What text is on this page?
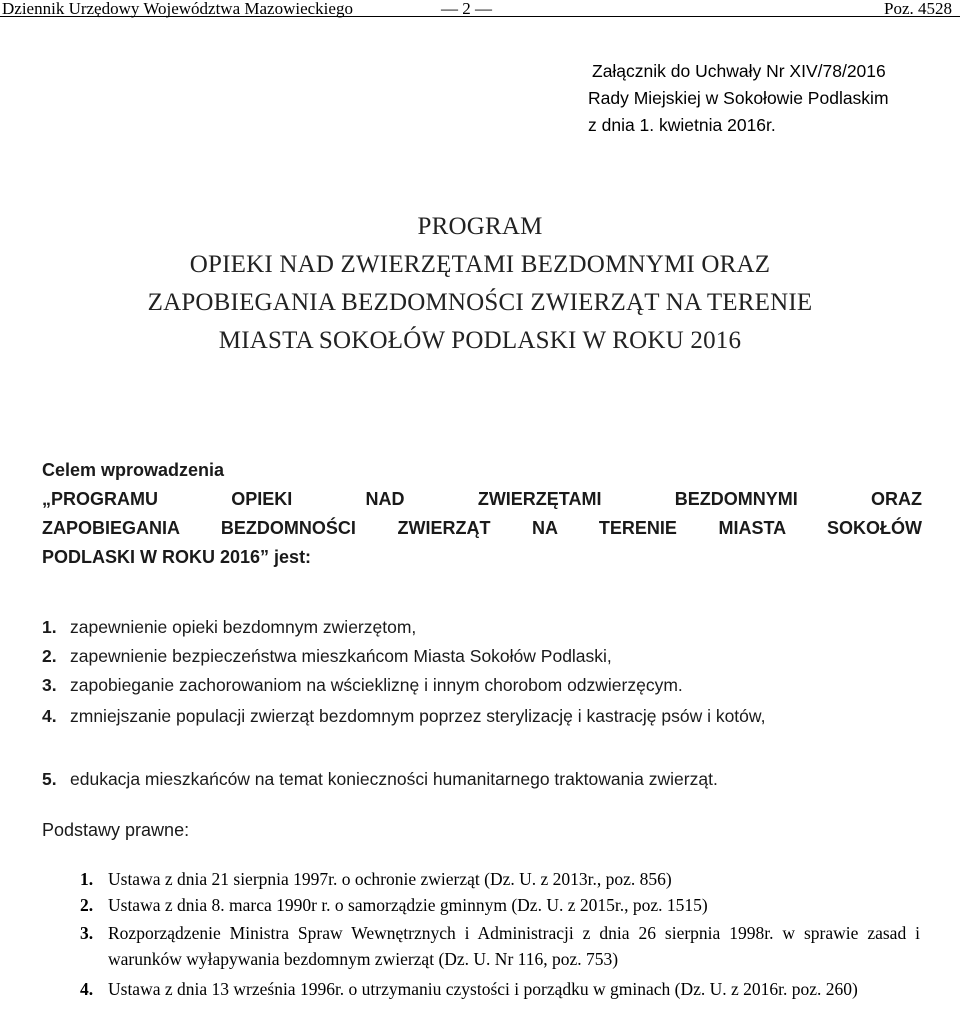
Dziennik Urzędowy Województwa Mazowieckiego	— 2 —	Poz. 4528
Załącznik do Uchwały Nr XIV/78/2016
Rady Miejskiej w Sokołowie Podlaskim
z dnia 1. kwietnia 2016r.
PROGRAM
OPIEKI NAD ZWIERZĘTAMI BEZDOMNYMI ORAZ
ZAPOBIEGANIA BEZDOMNOŚCI ZWIERZĄT NA TERENIE
MIASTA SOKOŁÓW PODLASKI W ROKU 2016
Celem wprowadzenia
„PROGRAMU OPIEKI NAD ZWIERZĘTAMI BEZDOMNYMI ORAZ
ZAPOBIEGANIA BEZDOMNOŚCI ZWIERZĄT NA TERENIE MIASTA SOKOŁÓW
PODLASKI W ROKU 2016” jest:
1. zapewnienie opieki bezdomnym zwierzętom,
2. zapewnienie bezpieczeństwa mieszkańcom Miasta Sokołów Podlaski,
3. zapobieganie zachorowaniom na wściekliznę i innym chorobom odzwierzęcym.
4. zmniejszanie populacji zwierząt bezdomnym poprzez sterylizację i kastrację psów i kotów,
5. edukacja mieszkańców na temat konieczności humanitarnego traktowania zwierząt.
Podstawy prawne:
1. Ustawa z dnia 21 sierpnia 1997r. o ochronie zwierząt (Dz. U. z 2013r., poz. 856)
2. Ustawa z dnia 8. marca 1990r r. o samorządzie gminnym (Dz. U. z 2015r., poz. 1515)
3. Rozporządzenie Ministra Spraw Wewnętrznych i Administracji z dnia 26 sierpnia 1998r. w sprawie zasad i warunków wyłapywania bezdomnym zwierząt (Dz. U. Nr 116, poz. 753)
4. Ustawa z dnia 13 września 1996r. o utrzymaniu czystości i porządku w gminach (Dz. U. z 2016r. poz. 260)
